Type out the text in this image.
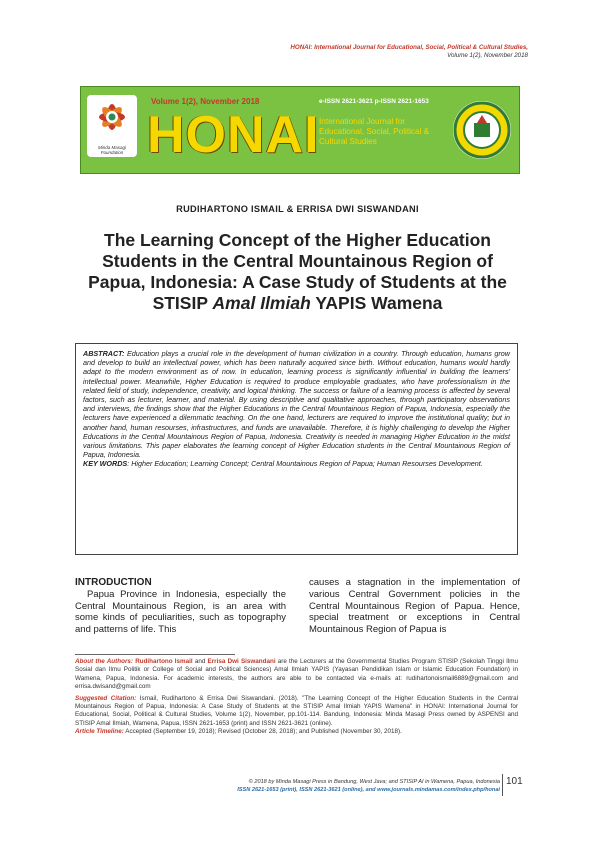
HONAI: International Journal for Educational, Social, Political & Cultural Studies,
Volume 1(2), November 2018
Minda Masagi Foundation
Volume 1(2), November 2018
HONAI
e-ISSN 2621-3621 p-ISSN 2621-1653
International Journal for Educational, Social, Political & Cultural Studies
RUDIHARTONO ISMAIL & ERRISA DWI SISWANDANI
The Learning Concept of the Higher Education Students in the Central Mountainous Region of Papua, Indonesia: A Case Study of Students at the STISIP Amal Ilmiah YAPIS Wamena
ABSTRACT: Education plays a crucial role in the development of human civilization in a country. Through education, humans grow and develop to build an intellectual power, which has been naturally acquired since birth. Without education, humans would hardly adapt to the modern environment as of now. In education, learning process is significantly influential in building the learners' intellectual power. Meanwhile, Higher Education is required to produce employable graduates, who have professionalism in the related field of study, independence, creativity, and logical thinking. The success or failure of a learning process is affected by several factors, such as lecturer, learner, and material. By using descriptive and qualitative approaches, through participatory observations and interviews, the findings show that the Higher Educations in the Central Mountainous Region of Papua, Indonesia, especially the lecturers have experienced a dilemmatic teaching. On the one hand, lecturers are required to improve the institutional quality; but in another hand, human resourses, infrastructures, and funds are unavailable. Therefore, it is highly challenging to develop the Higher Educations in the Central Mountainous Region of Papua, Indonesia. Creativity is needed in managing Higher Education in the midst various limitations. This paper elaborates the learning concept of Higher Education students in the Central Mountainous Region of Papua, Indonesia.
KEY WORDS: Higher Education; Learning Concept; Central Mountainous Region of Papua; Human Resourses Development.
INTRODUCTION
Papua Province in Indonesia, especially the Central Mountainous Region, is an area with some kinds of peculiarities, such as topography and patterns of life. This
causes a stagnation in the implementation of various Central Government policies in the Central Mountainous Region of Papua. Hence, special treatment or exceptions in Central Mountainous Region of Papua is
About the Authors: Rudihartono Ismail and Errisa Dwi Siswandani are the Lecturers at the Governmental Studies Program STISIP (Sekolah Tinggi Ilmu Sosial dan Ilmu Politik or College of Social and Political Sciences) Amal Ilmiah YAPIS (Yayasan Pendidikan Islam or Islamic Education Foundation) in Wamena, Papua, Indonesia. For academic interests, the authors are able to be contacted via e-mails at: rudihartonoismail6889@gmail.com and errisa.dwisand@gmail.com
Suggested Citation: Ismail, Rudihartono & Errisa Dwi Siswandani. (2018). "The Learning Concept of the Higher Education Students in the Central Mountainous Region of Papua, Indonesia: A Case Study of Students at the STISIP Amal Ilmiah YAPIS Wamena" in HONAI: International Journal for Educational, Social, Political & Cultural Studies, Volume 1(2), November, pp.101-114. Bandung, Indonesia: Minda Masagi Press owned by ASPENSI and STISIP Amal Ilmiah, Wamena, Papua, ISSN 2621-1653 (print) and ISSN 2621-3621 (online).
Article Timeline: Accepted (September 19, 2018); Revised (October 28, 2018); and Published (November 30, 2018).
© 2018 by Minda Masagi Press in Bandung, West Java; and STISIP AI in Wamena, Papua, Indonesia
ISSN 2621-1653 (print), ISSN 2621-3621 (online), and www.journals.mindamas.com/index.php/honai
101
